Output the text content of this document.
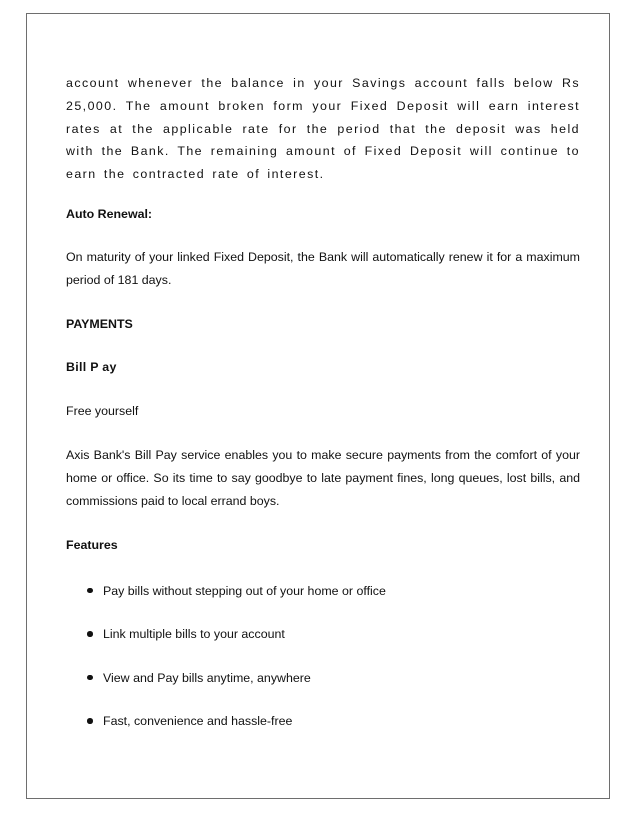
account whenever the balance in your Savings account falls below Rs 25,000. The amount broken form your Fixed Deposit will earn interest rates at the applicable rate for the period that the deposit was held with the Bank. The remaining amount of Fixed Deposit will continue to earn the contracted rate of interest.

Auto Renewal:

On maturity of your linked Fixed Deposit, the Bank will automatically renew it for a maximum period of 181 days.

PAYMENTS

Bill P ay

Free yourself

Axis Bank's Bill Pay service enables you to make secure payments from the comfort of your home or office. So its time to say goodbye to late payment fines, long queues, lost bills, and commissions paid to local errand boys.

Features

Pay bills without stepping out of your home or office
Link multiple bills to your account
View and Pay bills anytime, anywhere
Fast, convenience and hassle-free
